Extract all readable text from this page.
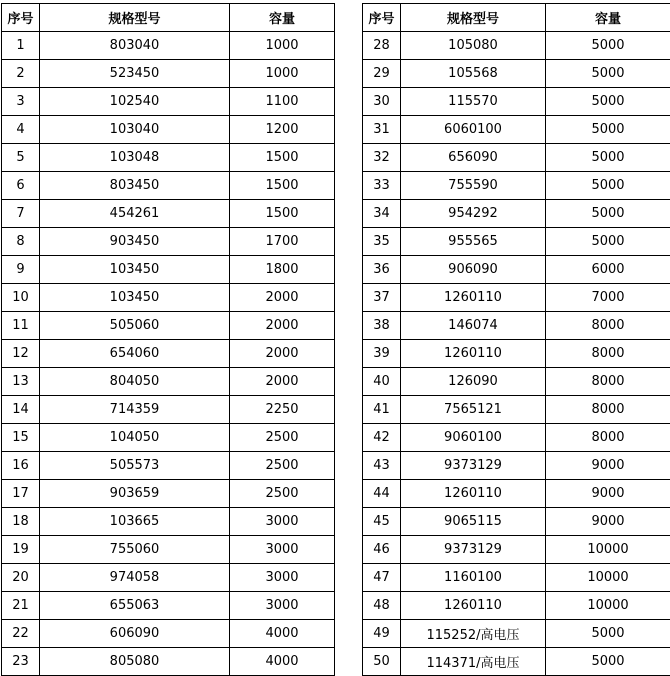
序号	规格型号	容量
1	803040	1000
2	523450	1000
3	102540	1100
4	103040	1200
5	103048	1500
6	803450	1500
7	454261	1500
8	903450	1700
9	103450	1800
10	103450	2000
11	505060	2000
12	654060	2000
13	804050	2000
14	714359	2250
15	104050	2500
16	505573	2500
17	903659	2500
18	103665	3000
19	755060	3000
20	974058	3000
21	655063	3000
22	606090	4000
23	805080	4000
序号	规格型号	容量
28	105080	5000
29	105568	5000
30	115570	5000
31	6060100	5000
32	656090	5000
33	755590	5000
34	954292	5000
35	955565	5000
36	906090	6000
37	1260110	7000
38	146074	8000
39	1260110	8000
40	126090	8000
41	7565121	8000
42	9060100	8000
43	9373129	9000
44	1260110	9000
45	9065115	9000
46	9373129	10000
47	1160100	10000
48	1260110	10000
49	115252/高电压	5000
50	114371/高电压	5000
